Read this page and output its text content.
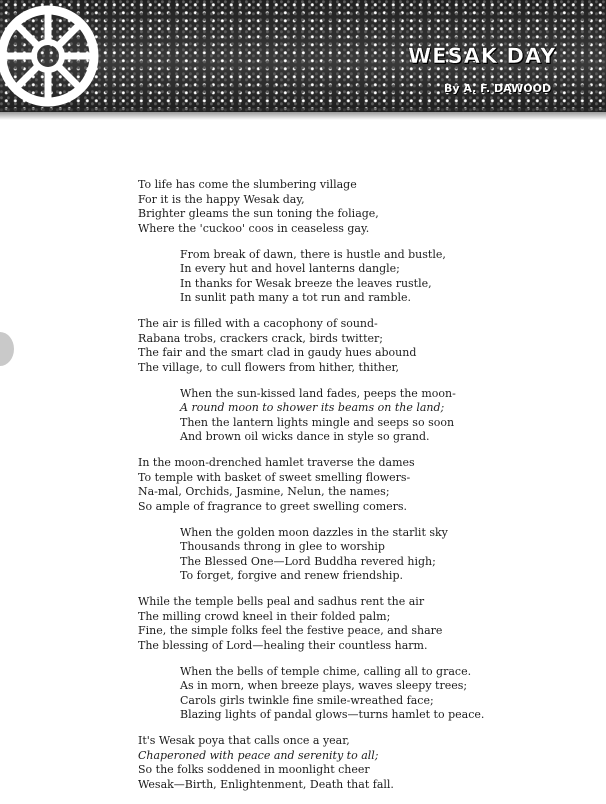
WESAK DAY
By A. F. DAWOOD
To life has come the slumbering village
For it is the happy Wesak day,
Brighter gleams the sun toning the foliage,
Where the 'cuckoo' coos in ceaseless gay.
From break of dawn, there is hustle and bustle,
In every hut and hovel lanterns dangle;
In thanks for Wesak breeze the leaves rustle,
In sunlit path many a tot run and ramble.
The air is filled with a cacophony of sound-
Rabana trobs, crackers crack, birds twitter;
The fair and the smart clad in gaudy hues abound
The village, to cull flowers from hither, thither,
When the sun-kissed land fades, peeps the moon-
A round moon to shower its beams on the land;
Then the lantern lights mingle and seeps so soon
And brown oil wicks dance in style so grand.
In the moon-drenched hamlet traverse the dames
To temple with basket of sweet smelling flowers-
Na-mal, Orchids, Jasmine, Nelun, the names;
So ample of fragrance to greet swelling comers.
When the golden moon dazzles in the starlit sky
Thousands throng in glee to worship
The Blessed One—Lord Buddha revered high;
To forget, forgive and renew friendship.
While the temple bells peal and sadhus rent the air
The milling crowd kneel in their folded palm;
Fine, the simple folks feel the festive peace, and share
The blessing of Lord—healing their countless harm.
When the bells of temple chime, calling all to grace.
As in morn, when breeze plays, waves sleepy trees;
Carols girls twinkle fine smile-wreathed face;
Blazing lights of pandal glows—turns hamlet to peace.
It's Wesak poya that calls once a year,
Chaperoned with peace and serenity to all;
So the folks soddened in moonlight cheer
Wesak—Birth, Enlightenment, Death that fall.
